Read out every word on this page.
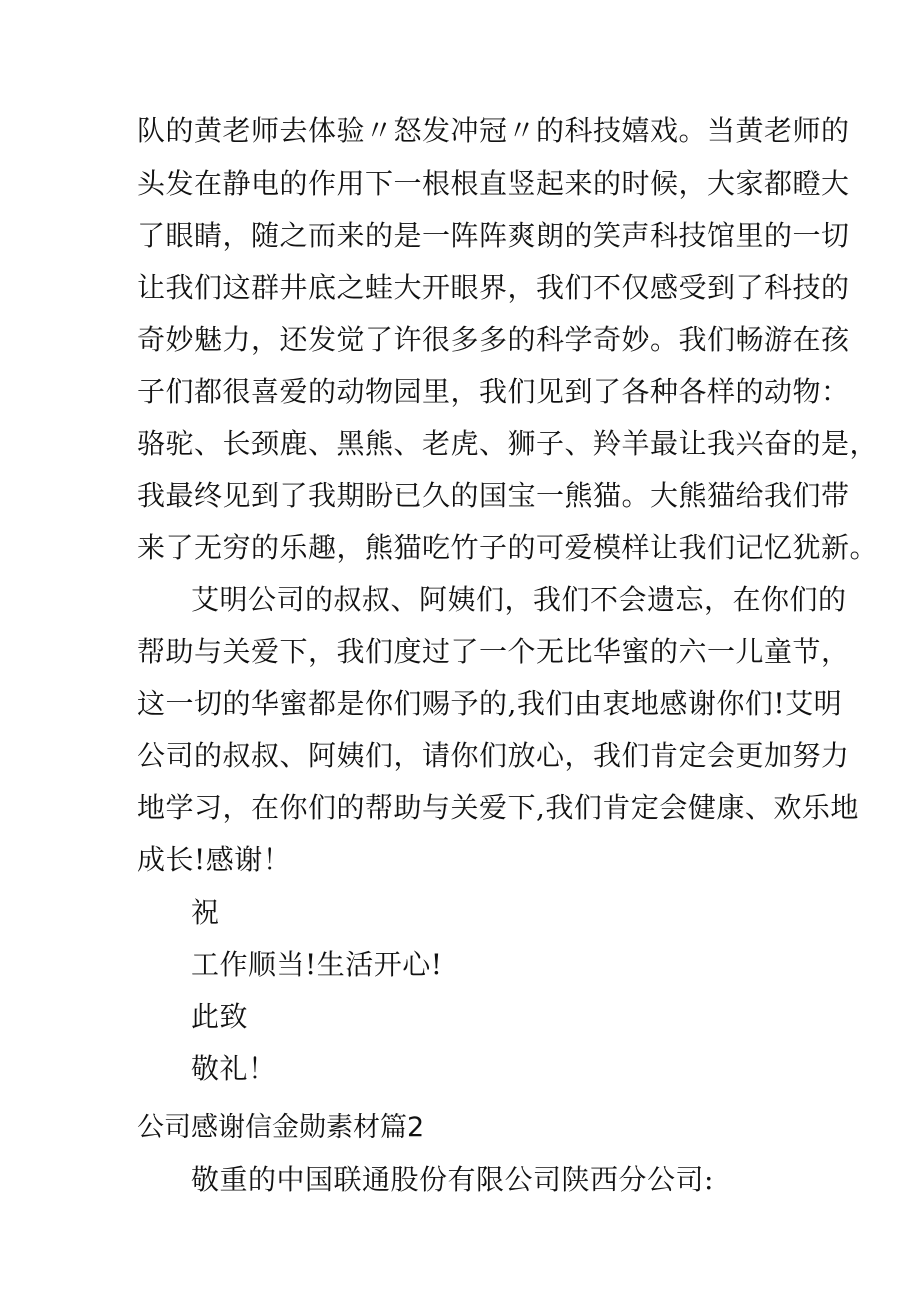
队的黄老师去体验〃怒发冲冠〃的科技嬉戏。当黄老师的
头发在静电的作用下一根根直竖起来的时候，大家都瞪大
了眼睛，随之而来的是一阵阵爽朗的笑声科技馆里的一切
让我们这群井底之蛙大开眼界，我们不仅感受到了科技的
奇妙魅力，还发觉了许很多多的科学奇妙。我们畅游在孩
子们都很喜爱的动物园里，我们见到了各种各样的动物：
骆驼、长颈鹿、黑熊、老虎、狮子、羚羊最让我兴奋的是，
我最终见到了我期盼已久的国宝一熊猫。大熊猫给我们带
来了无穷的乐趣，熊猫吃竹子的可爱模样让我们记忆犹新。
艾明公司的叔叔、阿姨们，我们不会遗忘，在你们的
帮助与关爱下，我们度过了一个无比华蜜的六一儿童节，
这一切的华蜜都是你们赐予的,我们由衷地感谢你们!艾明
公司的叔叔、阿姨们，请你们放心，我们肯定会更加努力
地学习，在你们的帮助与关爱下,我们肯定会健康、欢乐地
成长!感谢！
祝
工作顺当!生活开心!
此致
敬礼！
公司感谢信金勋素材篇2
敬重的中国联通股份有限公司陕西分公司:
